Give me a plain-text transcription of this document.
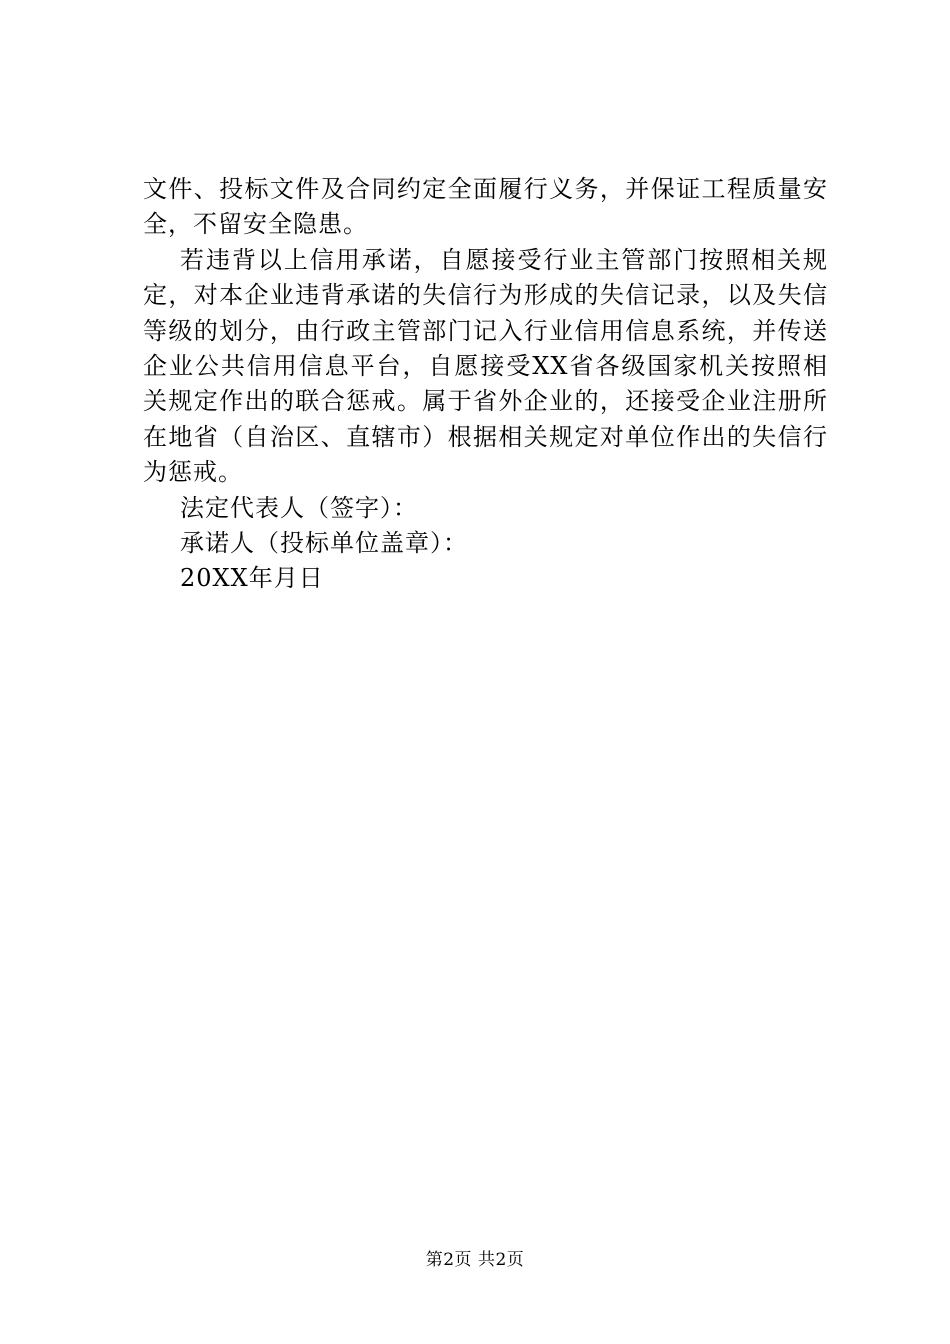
文件、投标文件及合同约定全面履行义务，并保证工程质量安全，不留安全隐患。

若违背以上信用承诺，自愿接受行业主管部门按照相关规定，对本企业违背承诺的失信行为形成的失信记录，以及失信等级的划分，由行政主管部门记入行业信用信息系统，并传送企业公共信用信息平台，自愿接受XX省各级国家机关按照相关规定作出的联合惩戒。属于省外企业的，还接受企业注册所在地省（自治区、直辖市）根据相关规定对单位作出的失信行为惩戒。

法定代表人（签字）：

承诺人（投标单位盖章）：

20XX年月日

第2页 共2页
